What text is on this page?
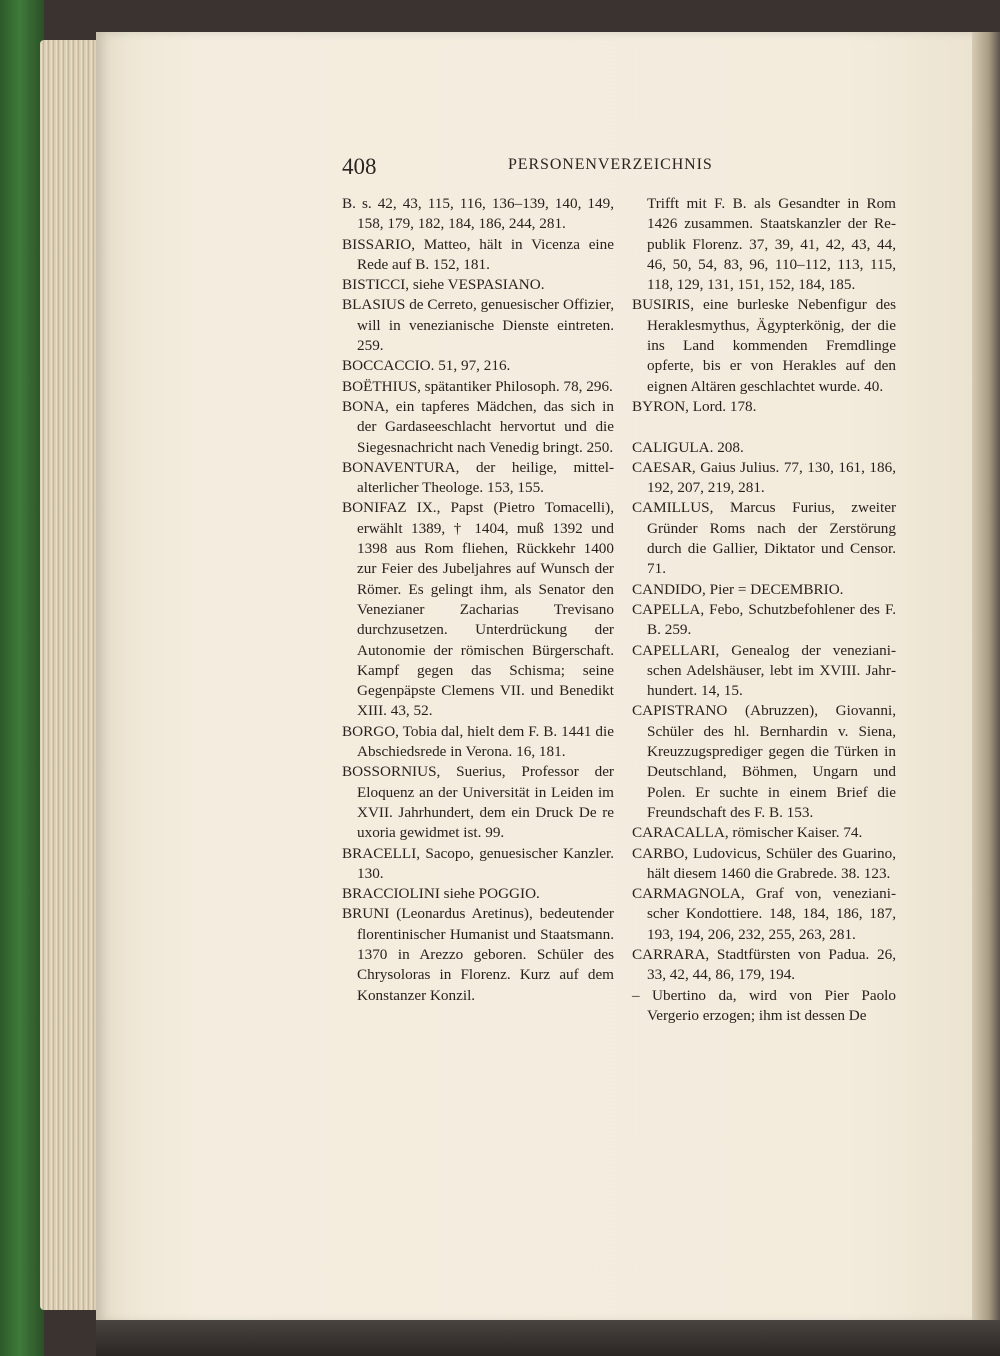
408	PERSONENVERZEICHNIS
B. s. 42, 43, 115, 116, 136–139, 140, 149, 158, 179, 182, 184, 186, 244, 281.
BISSARIO, Matteo, hält in Vicenza eine Rede auf B. 152, 181.
BISTICCI, siehe VESPASIANO.
BLASIUS de Cerreto, genuesischer Offizier, will in venezianische Dienste eintreten. 259.
BOCCACCIO. 51, 97, 216.
BOËTHIUS, spätantiker Philosoph. 78, 296.
BONA, ein tapferes Mädchen, das sich in der Gardaseeschlacht hervortut und die Siegesnachricht nach Venedig bringt. 250.
BONAVENTURA, der heilige, mittelalterlicher Theologe. 153, 155.
BONIFAZ IX., Papst (Pietro Tomacelli), erwählt 1389, † 1404, muß 1392 und 1398 aus Rom fliehen, Rückkehr 1400 zur Feier des Jubeljahres auf Wunsch der Römer. Es gelingt ihm, als Senator den Venezianer Zacharias Trevisano durchzusetzen. Unterdrückung der Autonomie der römischen Bürgerschaft. Kampf gegen das Schisma; seine Gegenpäpste Clemens VII. und Benedikt XIII. 43, 52.
BORGO, Tobia dal, hielt dem F. B. 1441 die Abschiedsrede in Verona. 16, 181.
BOSSORNIUS, Suerius, Professor der Eloquenz an der Universität in Leiden im XVII. Jahrhundert, dem ein Druck De re uxoria gewidmet ist. 99.
BRACELLI, Sacopo, genuesischer Kanzler. 130.
BRACCIOLINI siehe POGGIO.
BRUNI (Leonardus Aretinus), bedeutender florentinischer Humanist und Staatsmann. 1370 in Arezzo geboren. Schüler des Chrysoloras in Florenz. Kurz auf dem Konstanzer Konzil.
Trifft mit F. B. als Gesandter in Rom 1426 zusammen. Staatskanzler der Republik Florenz. 37, 39, 41, 42, 43, 44, 46, 50, 54, 83, 96, 110–112, 113, 115, 118, 129, 131, 151, 152, 184, 185.
BUSIRIS, eine burleske Nebenfigur des Heraklesmythus, Ägypterkönig, der die ins Land kommenden Fremdlinge opferte, bis er von Herakles auf den eignen Altären geschlachtet wurde. 40.
BYRON, Lord. 178.
CALIGULA. 208.
CAESAR, Gaius Julius. 77, 130, 161, 186, 192, 207, 219, 281.
CAMILLUS, Marcus Furius, zweiter Gründer Roms nach der Zerstörung durch die Gallier, Diktator und Censor. 71.
CANDIDO, Pier = DECEMBRIO.
CAPELLA, Febo, Schutzbefohlener des F. B. 259.
CAPELLARI, Genealog der venezianischen Adelshäuser, lebt im XVIII. Jahrhundert. 14, 15.
CAPISTRANO (Abruzzen), Giovanni, Schüler des hl. Bernhardin v. Siena, Kreuzzugsprediger gegen die Türken in Deutschland, Böhmen, Ungarn und Polen. Er suchte in einem Brief die Freundschaft des F. B. 153.
CARACALLA, römischer Kaiser. 74.
CARBO, Ludovicus, Schüler des Guarino, hält diesem 1460 die Grabrede. 38. 123.
CARMAGNOLA, Graf von, venezianischer Kondottiere. 148, 184, 186, 187, 193, 194, 206, 232, 255, 263, 281.
CARRARA, Stadtfürsten von Padua. 26, 33, 42, 44, 86, 179, 194.
– Ubertino da, wird von Pier Paolo Vergerio erzogen; ihm ist dessen De
